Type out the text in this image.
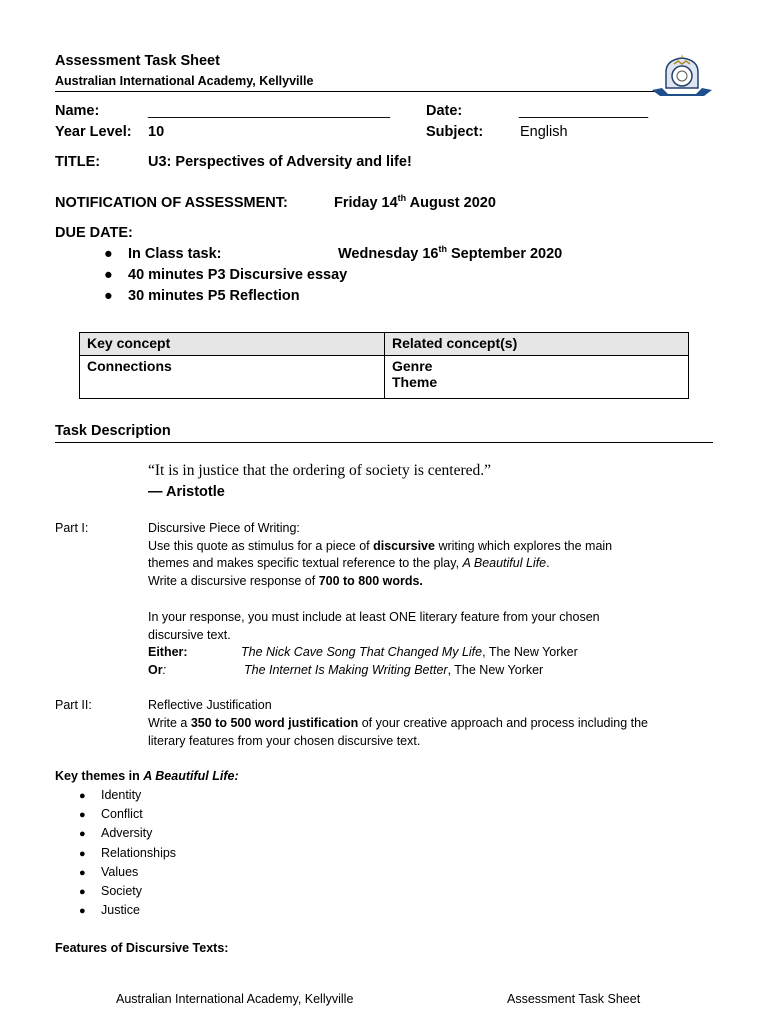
Assessment Task Sheet
Australian International Academy, Kellyville
Name:	______________________________ Date:	________________
Year Level: 10	Subject:	English
TITLE:	U3: Perspectives of Adversity and life!
NOTIFICATION OF ASSESSMENT:	Friday 14th August 2020
DUE DATE:
● In Class task:	Wednesday 16th September 2020
● 40 minutes P3 Discursive essay
● 30 minutes P5 Reflection
Key concept	Related concept(s)
Connections	Genre
Theme
Task Description
“It is in justice that the ordering of society is centered.”
— Aristotle
Part I:	Discursive Piece of Writing:
Use this quote as stimulus for a piece of discursive writing which explores the main
themes and makes specific textual reference to the play, A Beautiful Life.
Write a discursive response of 700 to 800 words.
In your response, you must include at least ONE literary feature from your chosen
discursive text.
Either:	The Nick Cave Song That Changed My Life, The New Yorker
Or:	The Internet Is Making Writing Better, The New Yorker
Part II:	Reflective Justification
Write a 350 to 500 word justification of your creative approach and process including the
literary features from your chosen discursive text.
Key themes in A Beautiful Life:
● Identity
● Conflict
● Adversity
● Relationships
● Values
● Society
● Justice
Features of Discursive Texts:
Australian International Academy, Kellyville	Assessment Task Sheet
